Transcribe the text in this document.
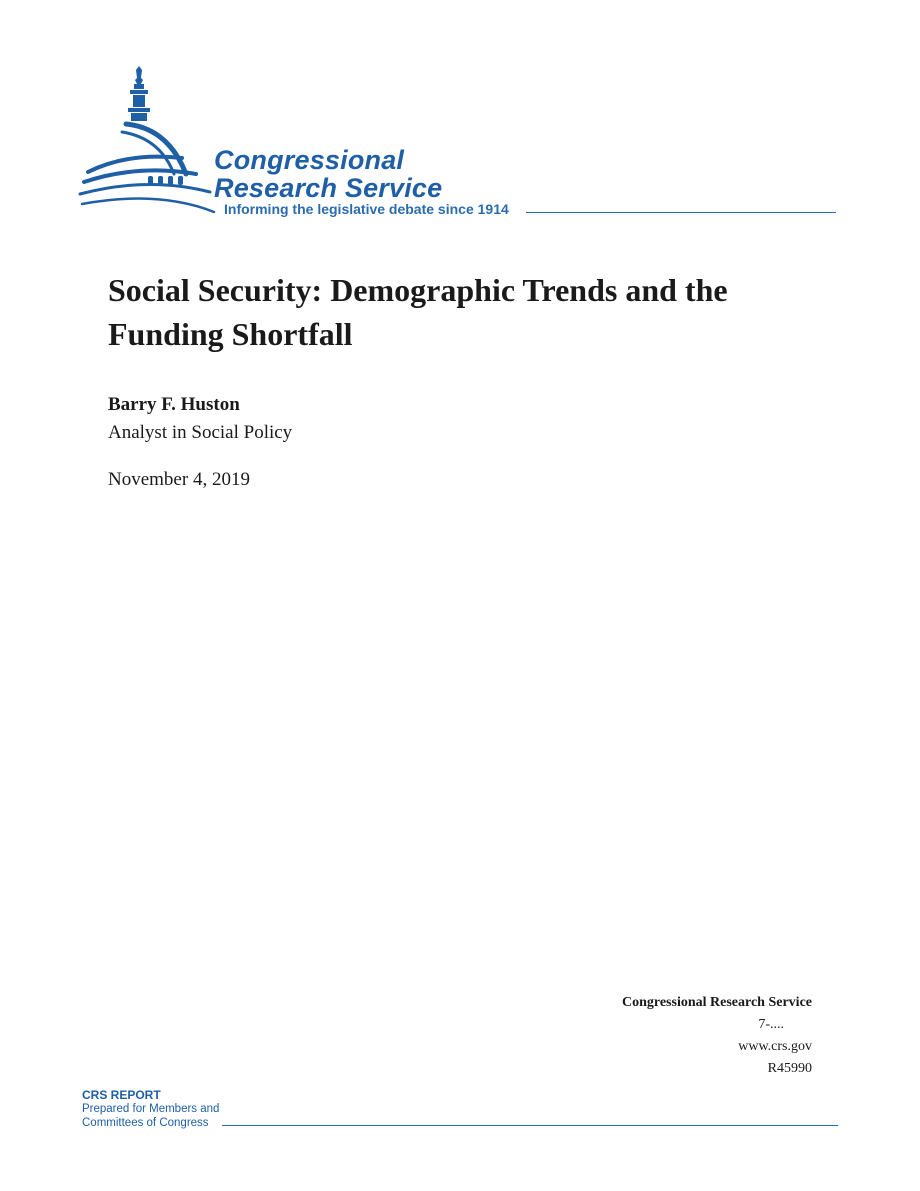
Congressional
Research Service
Informing the legislative debate since 1914
Social Security: Demographic Trends and the Funding Shortfall
Barry F. Huston
Analyst in Social Policy
November 4, 2019
Congressional Research Service
7-....
www.crs.gov
R45990
CRS REPORT
Prepared for Members and
Committees of Congress
